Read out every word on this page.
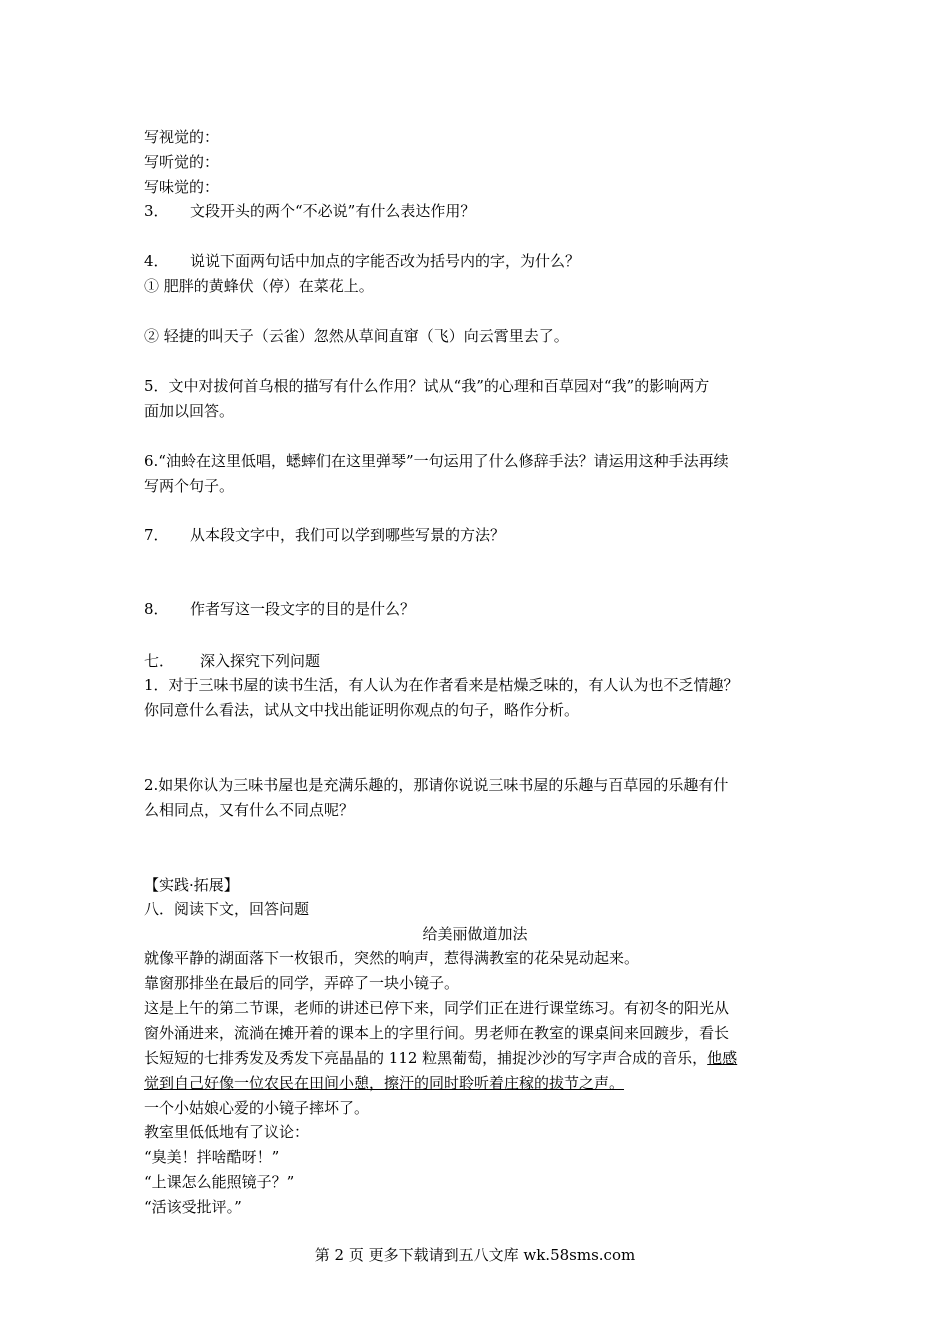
写视觉的：
写听觉的：
写味觉的：
3． 文段开头的两个“不必说”有什么表达作用？
4． 说说下面两句话中加点的字能否改为括号内的字，为什么？
① 肥胖的黄蜂伏（停）在菜花上。
② 轻捷的叫天子（云雀）忽然从草间直窜（飞）向云霄里去了。
5．文中对拔何首乌根的描写有什么作用？试从“我”的心理和百草园对“我”的影响两方
面加以回答。
6.“油蛉在这里低唱，蟋蟀们在这里弹琴”一句运用了什么修辞手法？请运用这种手法再续
写两个句子。
7． 从本段文字中，我们可以学到哪些写景的方法？
8． 作者写这一段文字的目的是什么？
七． 深入探究下列问题
1．对于三味书屋的读书生活，有人认为在作者看来是枯燥乏味的，有人认为也不乏情趣？
你同意什么看法，试从文中找出能证明你观点的句子，略作分析。
2.如果你认为三味书屋也是充满乐趣的，那请你说说三味书屋的乐趣与百草园的乐趣有什
么相同点，又有什么不同点呢？
【实践·拓展】
八．阅读下文，回答问题
给美丽做道加法
就像平静的湖面落下一枚银币，突然的响声，惹得满教室的花朵晃动起来。
靠窗那排坐在最后的同学，弄碎了一块小镜子。
这是上午的第二节课，老师的讲述已停下来，同学们正在进行课堂练习。有初冬的阳光从
窗外涌进来，流淌在摊开着的课本上的字里行间。男老师在教室的课桌间来回踱步，看长
长短短的七排秀发及秀发下亮晶晶的 112 粒黑葡萄，捕捉沙沙的写字声合成的音乐，他感
觉到自己好像一位农民在田间小憩，擦汗的同时聆听着庄稼的拔节之声。
一个小姑娘心爱的小镜子摔坏了。
教室里低低地有了议论：
“臭美！拌啥酷呀！”
“上课怎么能照镜子？”
“活该受批评。”
第 2 页 更多下载请到五八文库 wk.58sms.com
